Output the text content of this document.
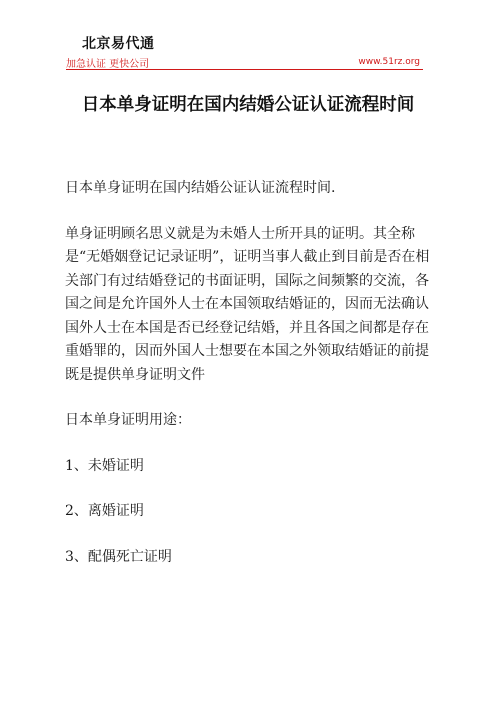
北京易代通
加急认证 更快公司	www.51rz.org
日本单身证明在国内结婚公证认证流程时间

日本单身证明在国内结婚公证认证流程时间.

单身证明顾名思义就是为未婚人士所开具的证明。其全称是“无婚姻登记记录证明”，证明当事人截止到目前是否在相关部门有过结婚登记的书面证明，国际之间频繁的交流，各国之间是允许国外人士在本国领取结婚证的，因而无法确认国外人士在本国是否已经登记结婚，并且各国之间都是存在重婚罪的，因而外国人士想要在本国之外领取结婚证的前提既是提供单身证明文件

日本单身证明用途：

1、未婚证明

2、离婚证明

3、配偶死亡证明
